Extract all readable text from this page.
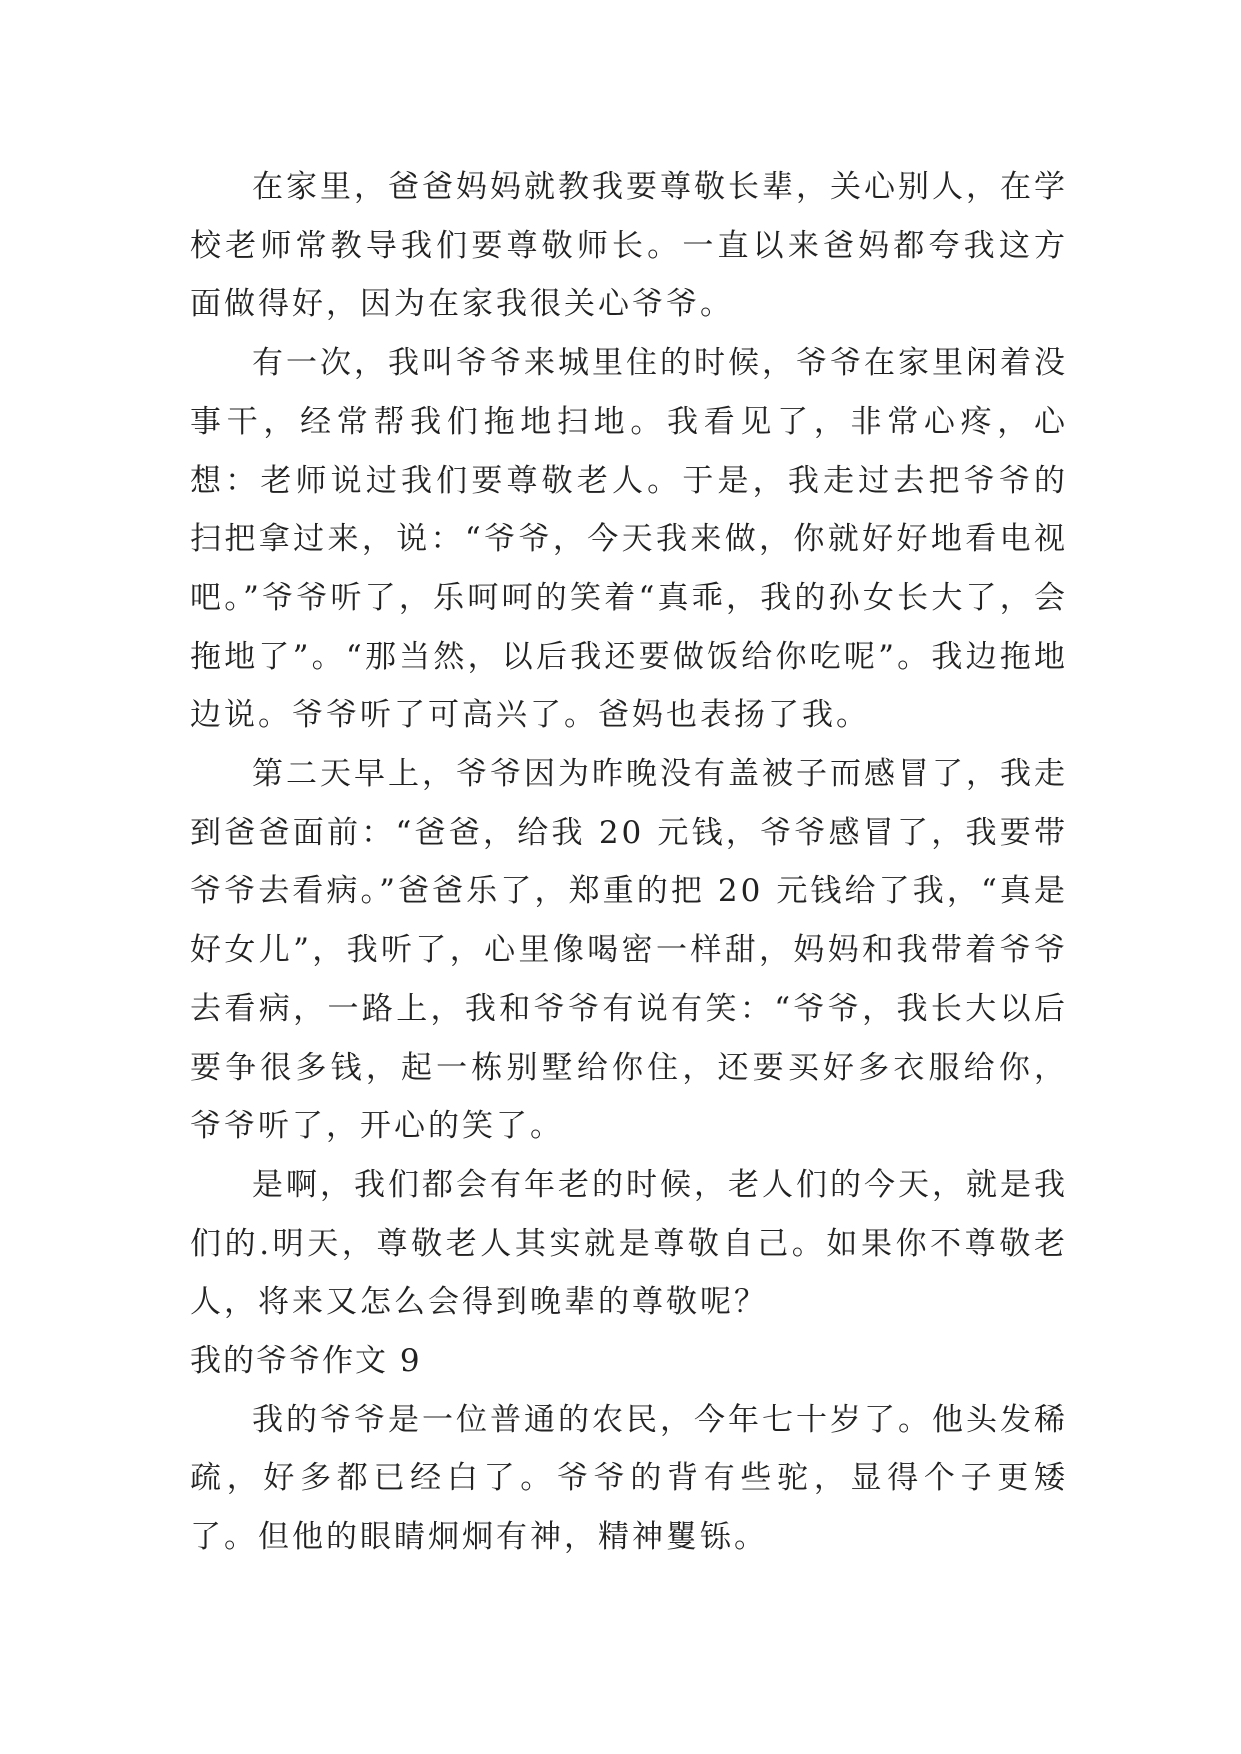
在家里，爸爸妈妈就教我要尊敬长辈，关心别人，在学校老师常教导我们要尊敬师长。一直以来爸妈都夸我这方面做得好，因为在家我很关心爷爷。

有一次，我叫爷爷来城里住的时候，爷爷在家里闲着没事干，经常帮我们拖地扫地。我看见了，非常心疼，心想：老师说过我们要尊敬老人。于是，我走过去把爷爷的扫把拿过来，说：“爷爷，今天我来做，你就好好地看电视吧。”爷爷听了，乐呵呵的笑着“真乖，我的孙女长大了，会拖地了”。“那当然，以后我还要做饭给你吃呢”。我边拖地边说。爷爷听了可高兴了。爸妈也表扬了我。

第二天早上，爷爷因为昨晚没有盖被子而感冒了，我走到爸爸面前：“爸爸，给我 20 元钱，爷爷感冒了，我要带爷爷去看病。”爸爸乐了，郑重的把 20 元钱给了我，“真是好女儿”，我听了，心里像喝密一样甜，妈妈和我带着爷爷去看病，一路上，我和爷爷有说有笑：“爷爷，我长大以后要争很多钱，起一栋别墅给你住，还要买好多衣服给你，爷爷听了，开心的笑了。

是啊，我们都会有年老的时候，老人们的今天，就是我们的.明天，尊敬老人其实就是尊敬自己。如果你不尊敬老人，将来又怎么会得到晚辈的尊敬呢？

我的爷爷作文 9

我的爷爷是一位普通的农民，今年七十岁了。他头发稀疏，好多都已经白了。爷爷的背有些驼，显得个子更矮了。但他的眼睛炯炯有神，精神矍铄。
